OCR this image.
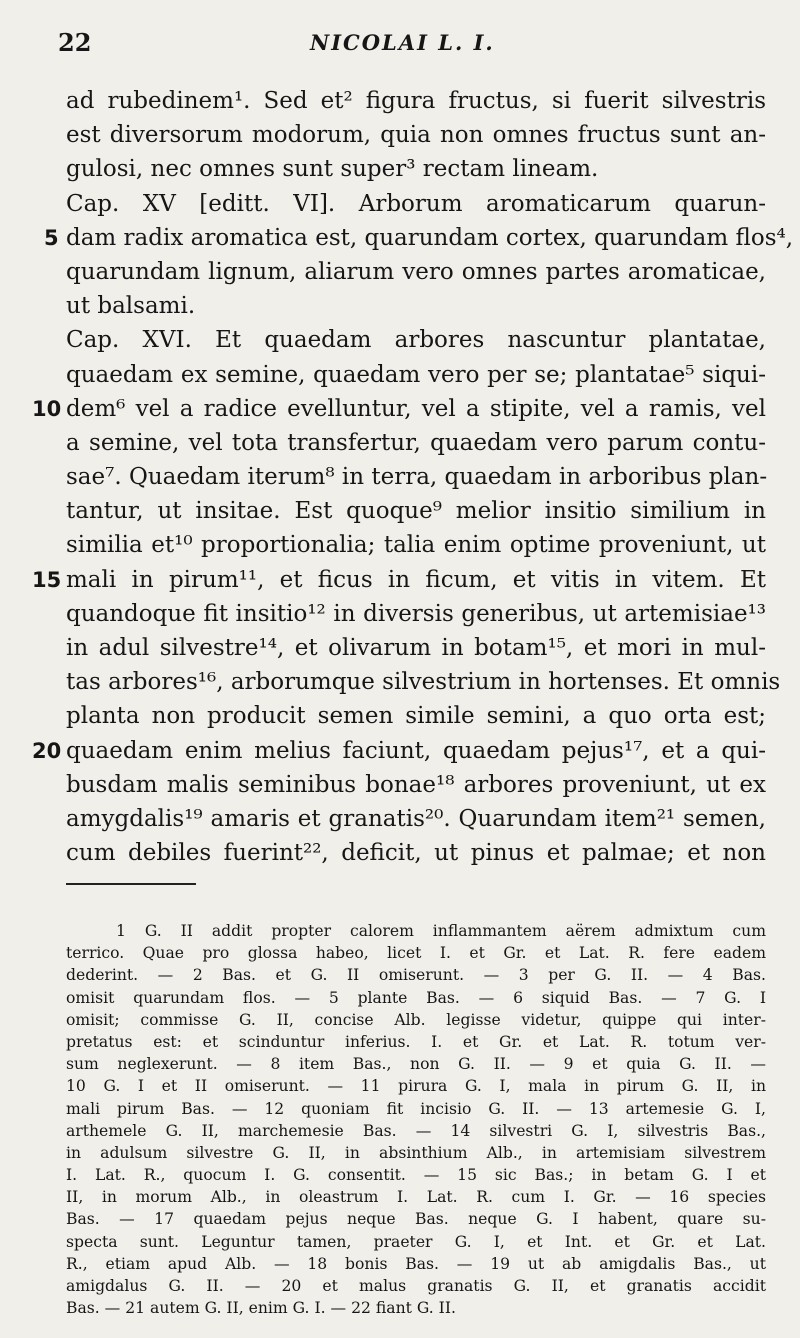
22	NICOLAI L. I.
ad rubedinem¹. Sed et² figura fructus, si fuerit silvestris
est diversorum modorum, quia non omnes fructus sunt an-
gulosi, nec omnes sunt super³ rectam lineam.
Cap. XV [editt. VI]. Arborum aromaticarum quarun-
5 dam radix aromatica est, quarundam cortex, quarundam flos⁴,
quarundam lignum, aliarum vero omnes partes aromaticae,
ut balsami.
Cap. XVI. Et quaedam arbores nascuntur plantatae,
quaedam ex semine, quaedam vero per se; plantatae⁵ siqui-
10 dem⁶ vel a radice evelluntur, vel a stipite, vel a ramis, vel
a semine, vel tota transfertur, quaedam vero parum contu-
sae⁷. Quaedam iterum⁸ in terra, quaedam in arboribus plan-
tantur, ut insitae. Est quoque⁹ melior insitio similium in
similia et¹⁰ proportionalia; talia enim optime proveniunt, ut
15 mali in pirum¹¹, et ficus in ficum, et vitis in vitem. Et
quandoque fit insitio¹² in diversis generibus, ut artemisiae¹³
in adul silvestre¹⁴, et olivarum in botam¹⁵, et mori in mul-
tas arbores¹⁶, arborumque silvestrium in hortenses. Et omnis
planta non producit semen simile semini, a quo orta est;
20 quaedam enim melius faciunt, quaedam pejus¹⁷, et a qui-
busdam malis seminibus bonae¹⁸ arbores proveniunt, ut ex
amygdalis¹⁹ amaris et granatis²⁰. Quarundam item²¹ semen,
cum debiles fuerint²², deficit, ut pinus et palmae; et non
1 G. II addit propter calorem inflammantem aërem admixtum cum
terrico. Quae pro glossa habeo, licet I. et Gr. et Lat. R. fere eadem
dederint. — 2 Bas. et G. II omiserunt. — 3 per G. II. — 4 Bas.
omisit quarundam flos. — 5 plante Bas. — 6 siquid Bas. — 7 G. I
omisit; commisse G. II, concise Alb. legisse videtur, quippe qui inter-
pretatus est: et scinduntur inferius. I. et Gr. et Lat. R. totum ver-
sum neglexerunt. — 8 item Bas., non G. II. — 9 et quia G. II. —
10 G. I et II omiserunt. — 11 pirura G. I, mala in pirum G. II, in
mali pirum Bas. — 12 quoniam fit incisio G. II. — 13 artemesie G. I,
arthemele G. II, marchemesie Bas. — 14 silvestri G. I, silvestris Bas.,
in adulsum silvestre G. II, in absinthium Alb., in artemisiam silvestrem
I. Lat. R., quocum I. G. consentit. — 15 sic Bas.; in betam G. I et
II, in morum Alb., in oleastrum I. Lat. R. cum I. Gr. — 16 species
Bas. — 17 quaedam pejus neque Bas. neque G. I habent, quare su-
specta sunt. Leguntur tamen, praeter G. I, et Int. et Gr. et Lat.
R., etiam apud Alb. — 18 bonis Bas. — 19 ut ab amigdalis Bas., ut
amigdalus G. II. — 20 et malus granatis G. II, et granatis accidit
Bas. — 21 autem G. II, enim G. I. — 22 fiant G. II.
